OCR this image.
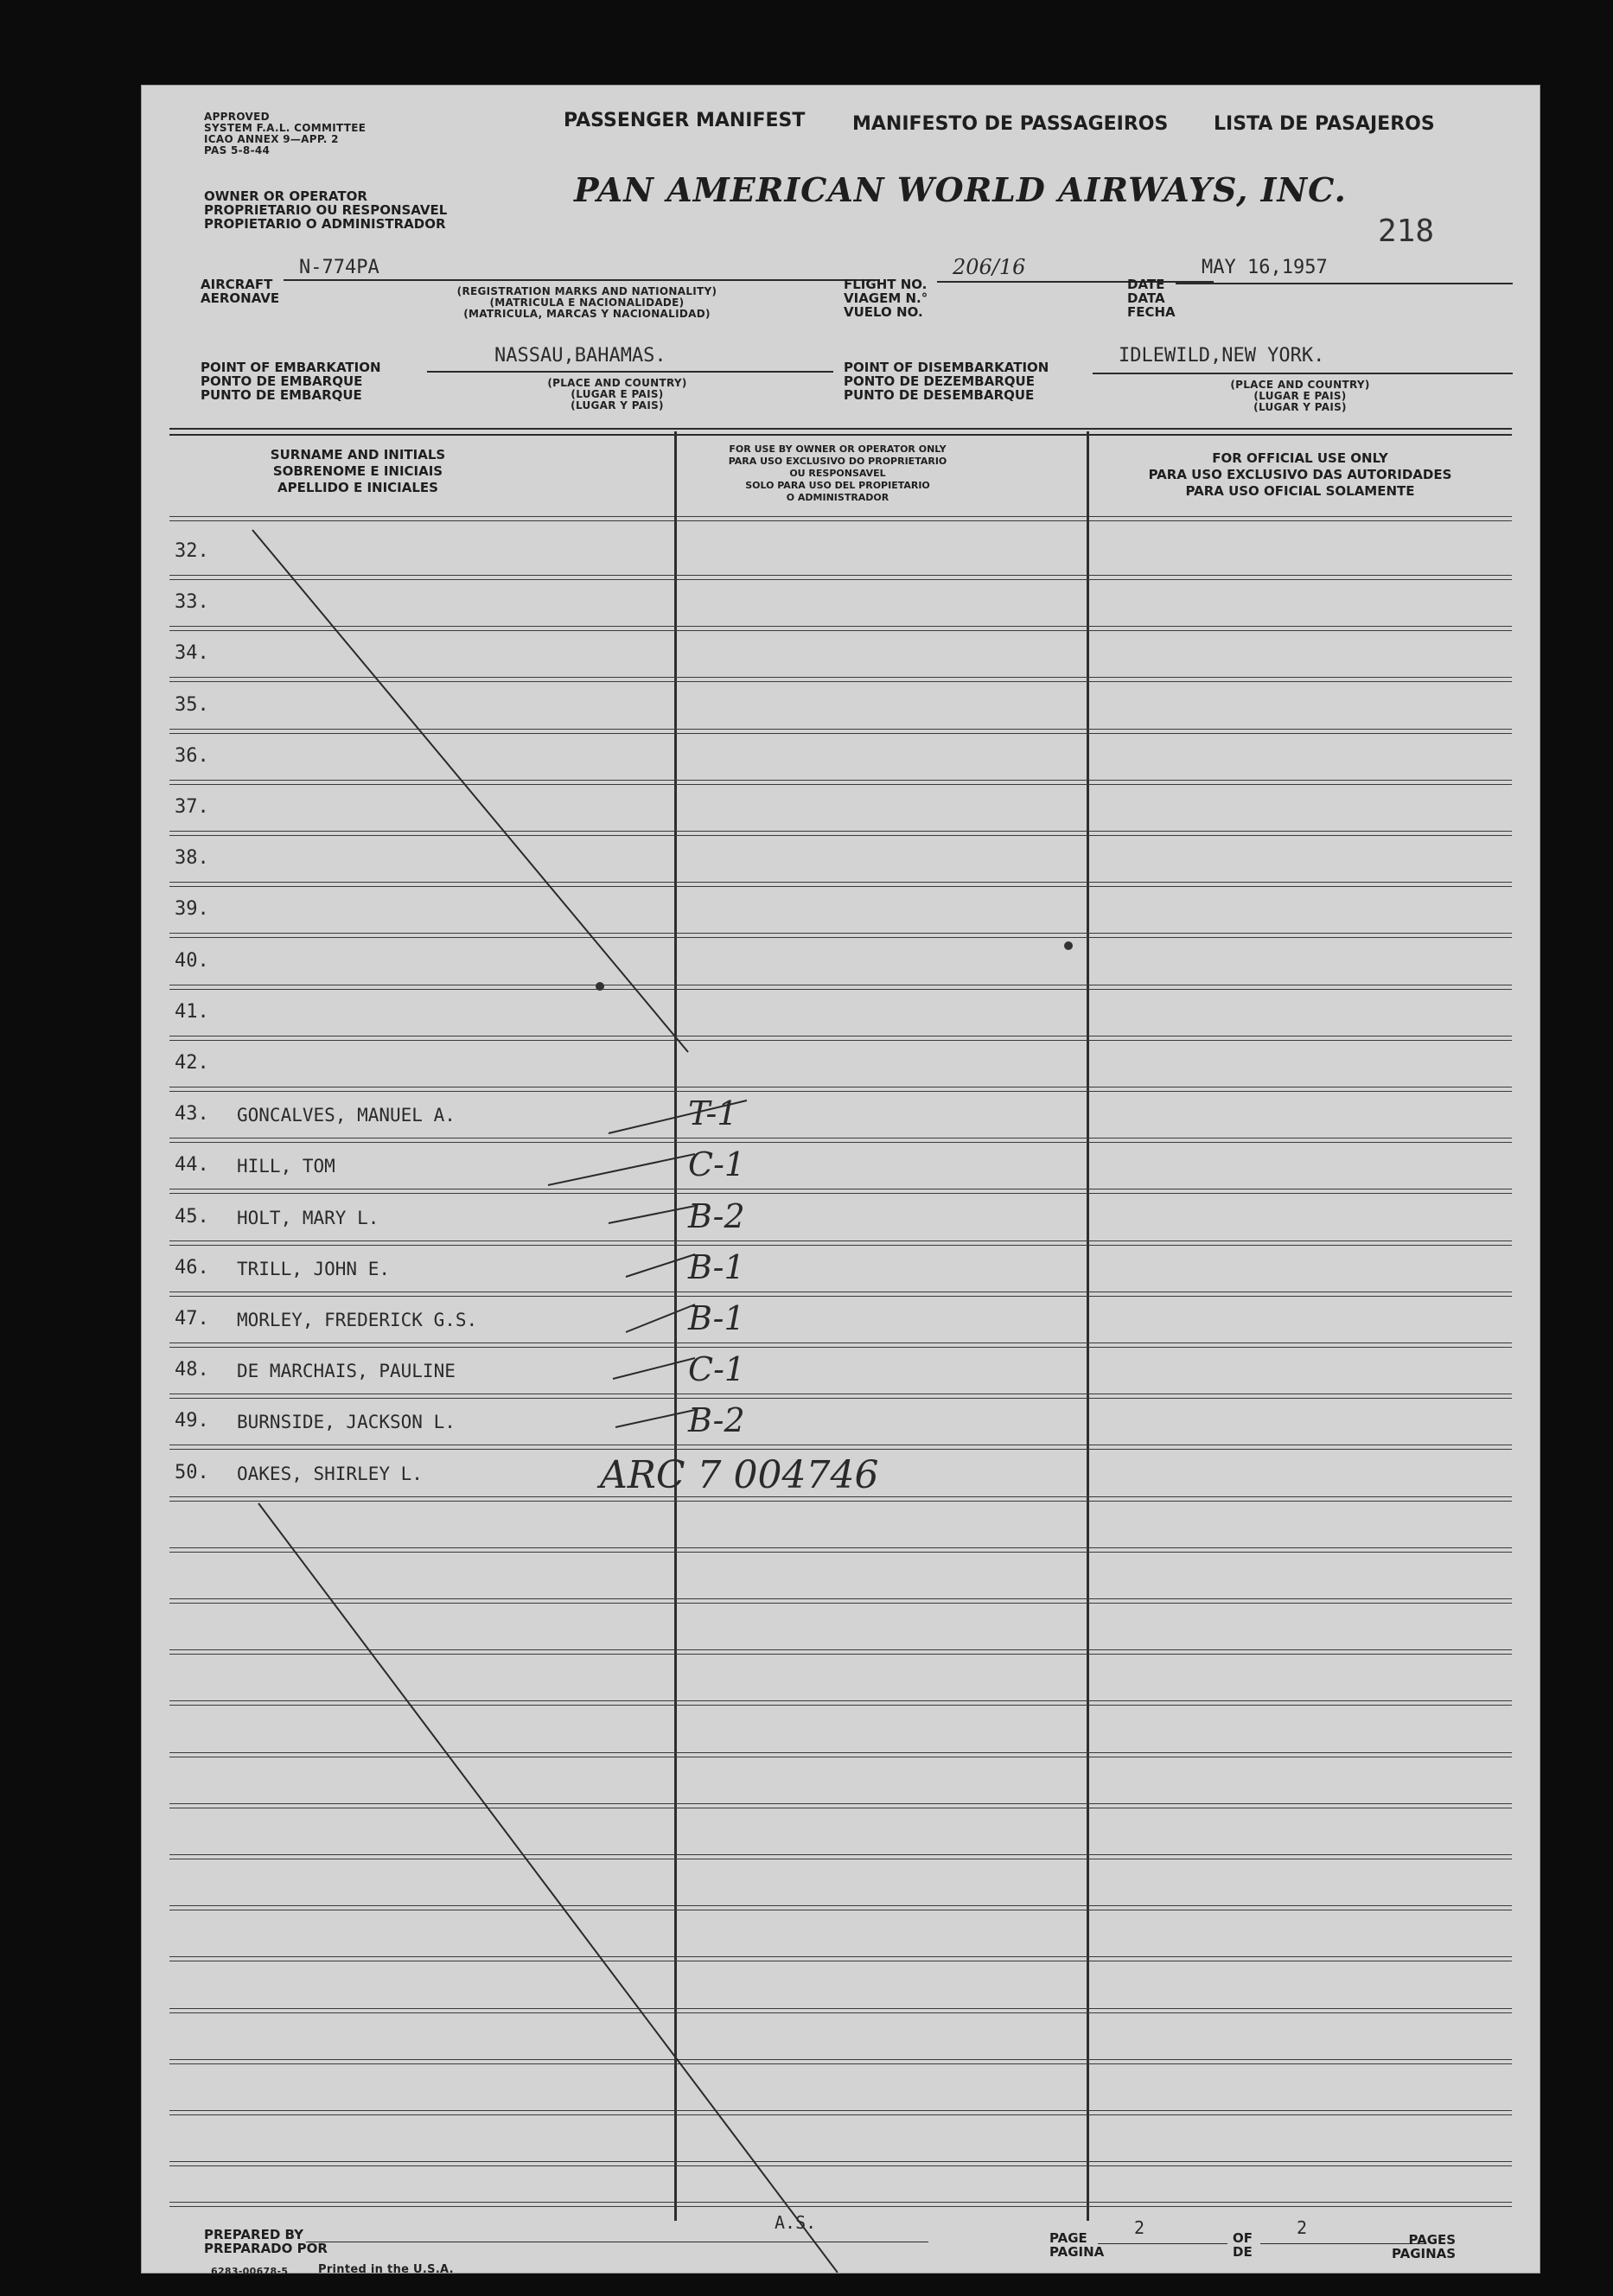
APPROVED
SYSTEM F.A.L. COMMITTEE
ICAO ANNEX 9—APP. 2
PAS 5-8-44
PASSENGER MANIFEST MANIFESTO DE PASSAGEIROS LISTA DE PASAJEROS
OWNER OR OPERATOR
PROPRIETARIO OU RESPONSAVEL
PROPIETARIO O ADMINISTRADOR
PAN AMERICAN WORLD AIRWAYS, INC.
218
AIRCRAFT
AERONAVE
N-774PA
(REGISTRATION MARKS AND NATIONALITY)
(MATRICULA E NACIONALIDADE)
(MATRICULA, MARCAS Y NACIONALIDAD)
FLIGHT NO.
VIAGEM N.°
VUELO NO.
206/16
DATE
DATA
FECHA
MAY 16,1957
POINT OF EMBARKATION
PONTO DE EMBARQUE
PUNTO DE EMBARQUE
NASSAU,BAHAMAS.
(PLACE AND COUNTRY)
(LUGAR E PAIS)
(LUGAR Y PAIS)
POINT OF DISEMBARKATION
PONTO DE DEZEMBARQUE
PUNTO DE DESEMBARQUE
IDLEWILD,NEW YORK.
(PLACE AND COUNTRY)
(LUGAR E PAIS)
(LUGAR Y PAIS)
SURNAME AND INITIALS
SOBRENOME E INICIAIS
APELLIDO E INICIALES
FOR USE BY OWNER OR OPERATOR ONLY
PARA USO EXCLUSIVO DO PROPRIETARIO
OU RESPONSAVEL
SOLO PARA USO DEL PROPIETARIO
O ADMINISTRADOR
FOR OFFICIAL USE ONLY
PARA USO EXCLUSIVO DAS AUTORIDADES
PARA USO OFICIAL SOLAMENTE
32.
33.
34.
35.
36.
37.
38.
39.
40.
41.
42.
43. GONCALVES, MANUEL A.	T-1
44. HILL, TOM	C-1
45. HOLT, MARY L.	B-2
46. TRILL, JOHN E.	B-1
47. MORLEY, FREDERICK G.S.	B-1
48. DE MARCHAIS, PAULINE	C-1
49. BURNSIDE, JACKSON L.	B-2
50. OAKES, SHIRLEY L.	ARC 7 004746
PREPARED BY
PREPARADO POR
A.S.
PAGE
PAGINA
2	OF
DE
2
PAGES
PAGINAS
6283-00678-5	Printed in the U.S.A.
